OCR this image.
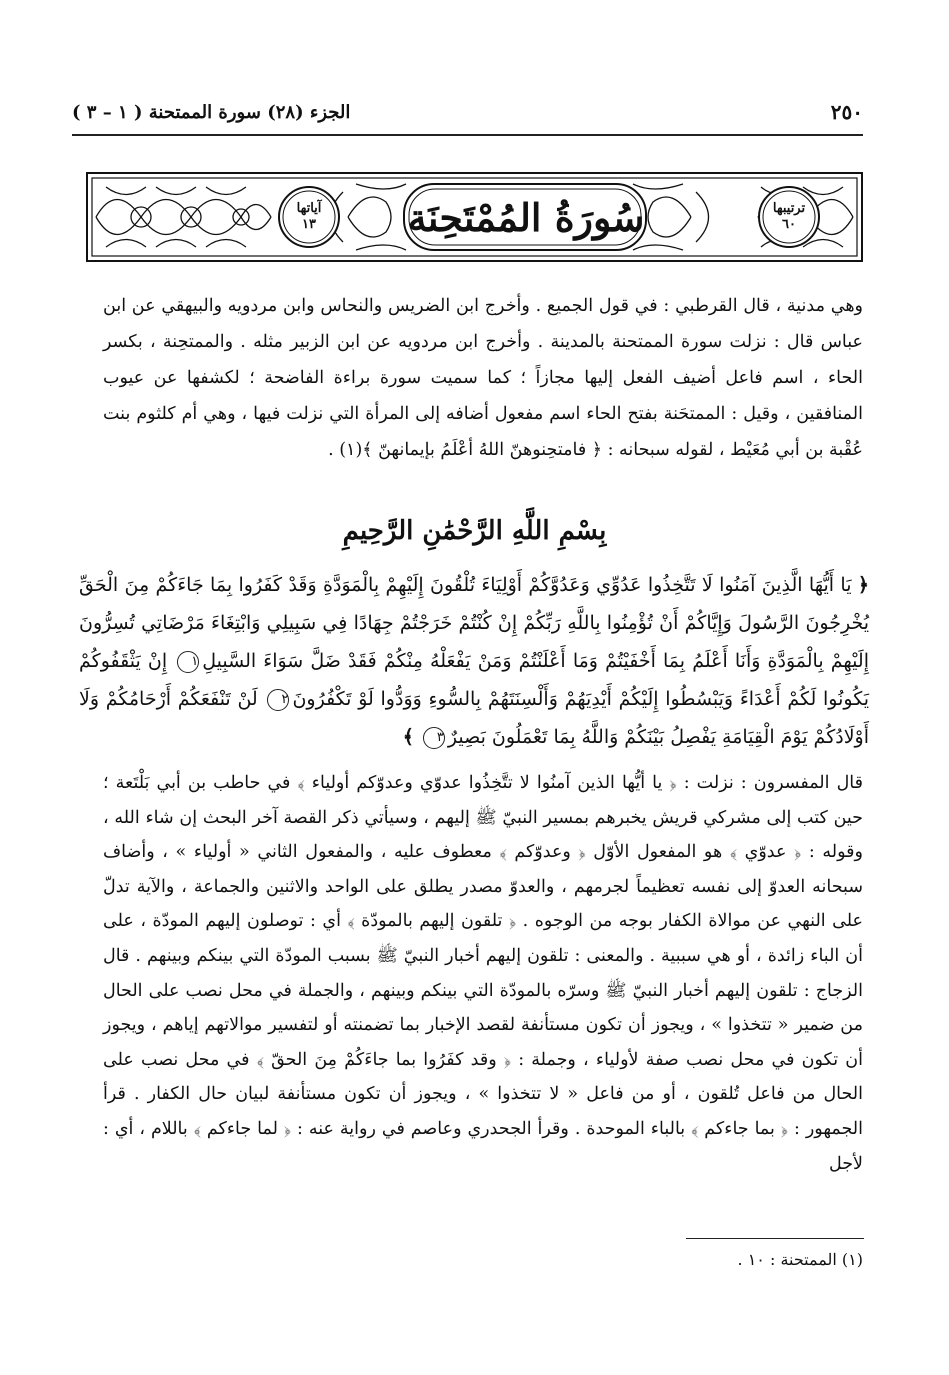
٢٥٠
الجزء (٢٨) سورة الممتحنة ( ١ – ٣ )
سُورَةُ المُمْتَحِنَة	ترتيبها
٦٠
آياتها
١٣

وهي مدنية ، قال القرطبي : في قول الجميع . وأخرج ابن الضريس والنحاس وابن مردويه والبيهقي عن ابن عباس قال : نزلت سورة الممتحنة بالمدينة . وأخرج ابن مردويه عن ابن الزبير مثله . والممتحِنة ، بكسر الحاء ، اسم فاعل أضيف الفعل إليها مجازاً ؛ كما سميت سورة براءة الفاضحة ؛ لكشفها عن عيوب المنافقين ، وقيل : الممتحَنة بفتح الحاء اسم مفعول أضافه إلى المرأة التي نزلت فيها ، وهي أم كلثوم بنت عُقْبة بن أبي مُعَيْط ، لقوله سبحانه : ﴿ فامتحِنوهنّ اللهُ أعْلَمُ بإيمانهنّ ﴾(١) .

بِسْمِ اللَّهِ الرَّحْمَٰنِ الرَّحِيمِ

﴿ يَا أَيُّهَا الَّذِينَ آمَنُوا لَا تَتَّخِذُوا عَدُوِّي وَعَدُوَّكُمْ أَوْلِيَاءَ تُلْقُونَ إِلَيْهِمْ بِالْمَوَدَّةِ وَقَدْ كَفَرُوا بِمَا جَاءَكُمْ مِنَ الْحَقِّ يُخْرِجُونَ الرَّسُولَ وَإِيَّاكُمْ أَنْ تُؤْمِنُوا بِاللَّهِ رَبِّكُمْ إِنْ كُنْتُمْ خَرَجْتُمْ جِهَادًا فِي سَبِيلِي وَابْتِغَاءَ مَرْضَاتِي تُسِرُّونَ إِلَيْهِمْ بِالْمَوَدَّةِ وَأَنَا أَعْلَمُ بِمَا أَخْفَيْتُمْ وَمَا أَعْلَنْتُمْ وَمَنْ يَفْعَلْهُ مِنْكُمْ فَقَدْ ضَلَّ سَوَاءَ السَّبِيلِ١ إِنْ يَثْقَفُوكُمْ يَكُونُوا لَكُمْ أَعْدَاءً وَيَبْسُطُوا إِلَيْكُمْ أَيْدِيَهُمْ وَأَلْسِنَتَهُمْ بِالسُّوءِ وَوَدُّوا لَوْ تَكْفُرُونَ٢ لَنْ تَنْفَعَكُمْ أَرْحَامُكُمْ وَلَا أَوْلَادُكُمْ يَوْمَ الْقِيَامَةِ يَفْصِلُ بَيْنَكُمْ وَاللَّهُ بِمَا تَعْمَلُونَ بَصِيرٌ٣ ﴾

قال المفسرون : نزلت : ﴿ يا أيُّها الذين آمنُوا لا تتَّخِذُوا عدوّي وعدوّكم أولياء ﴾ في حاطب بن أبي بَلْتَعة ؛ حين كتب إلى مشركي قريش يخبرهم بمسير النبيّ ﷺ إليهم ، وسيأتي ذكر القصة آخر البحث إن شاء الله ، وقوله : ﴿ عدوّي ﴾ هو المفعول الأوّل ﴿ وعدوّكم ﴾ معطوف عليه ، والمفعول الثاني « أولياء » ، وأضاف سبحانه العدوّ إلى نفسه تعظيماً لجرمهم ، والعدوّ مصدر يطلق على الواحد والاثنين والجماعة ، والآية تدلّ على النهي عن موالاة الكفار بوجه من الوجوه . ﴿ تلقون إليهم بالمودّة ﴾ أي : توصلون إليهم المودّة ، على أن الباء زائدة ، أو هي سببية . والمعنى : تلقون إليهم أخبار النبيّ ﷺ بسبب المودّة التي بينكم وبينهم . قال الزجاج : تلقون إليهم أخبار النبيّ ﷺ وسرّه بالمودّة التي بينكم وبينهم ، والجملة في محل نصب على الحال من ضمير « تتخذوا » ، ويجوز أن تكون مستأنفة لقصد الإخبار بما تضمنته أو لتفسير موالاتهم إياهم ، ويجوز أن تكون في محل نصب صفة لأولياء ، وجملة : ﴿ وقد كفَرُوا بما جاءَكُمْ مِنَ الحقّ ﴾ في محل نصب على الحال من فاعل تُلقون ، أو من فاعل « لا تتخذوا » ، ويجوز أن تكون مستأنفة لبيان حال الكفار . قرأ الجمهور : ﴿ بما جاءكم ﴾ بالباء الموحدة . وقرأ الجحدري وعاصم في رواية عنه : ﴿ لما جاءكم ﴾ باللام ، أي : لأجل

(١) الممتحنة : ١٠ .
